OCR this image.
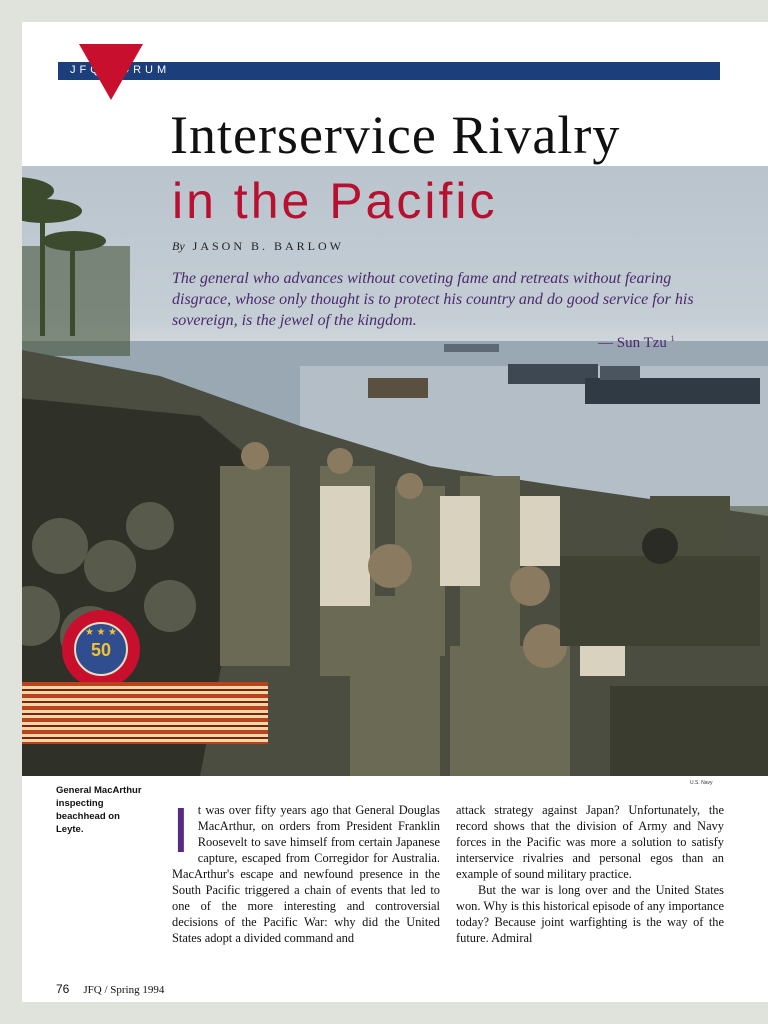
JFQ FORUM
Interservice Rivalry
in the Pacific
By JASON B. BARLOW
The general who advances without coveting fame and retreats without fearing disgrace, whose only thought is to protect his country and do good service for his sovereign, is the jewel of the kingdom.
— Sun Tzu $^1$
★ ★ ★
50
U.S. Navy
General MacArthur inspecting beachhead on Leyte.	I t was over fifty years ago that General Douglas MacArthur, on orders from President Franklin Roosevelt to save himself from certain Japanese capture, escaped from Corregidor for Australia. MacArthur's escape and newfound presence in the South Pacific triggered a chain of events that led to one of the more interesting and controversial decisions of the Pacific War: why did the United States adopt a divided command and

attack strategy against Japan? Unfortunately, the record shows that the division of Army and Navy forces in the Pacific was more a solution to satisfy interservice rivalries and personal egos than an example of sound military practice.

But the war is long over and the United States won. Why is this historical episode of any importance today? Because joint warfighting is the way of the future. Admiral

76 JFQ / Spring 1994
